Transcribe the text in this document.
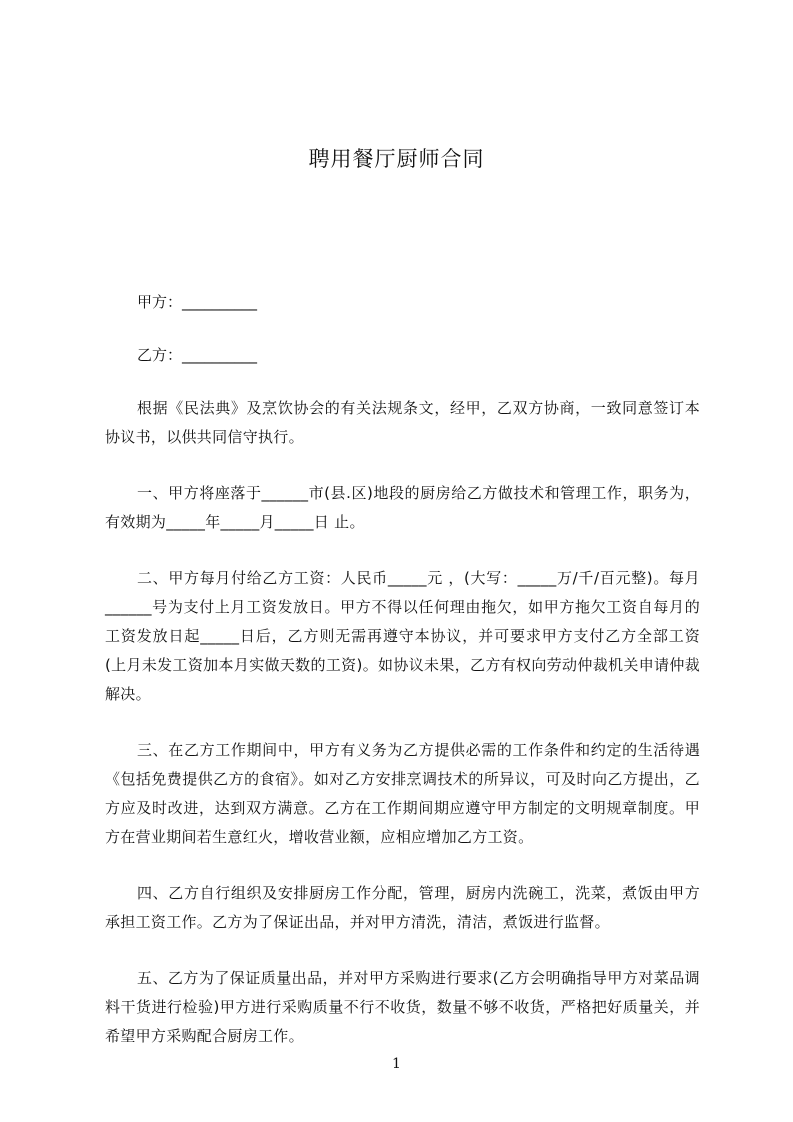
聘用餐厅厨师合同

甲方：__________

乙方：__________

根据《民法典》及烹饮协会的有关法规条文，经甲，乙双方协商，一致同意签订本协议书，以供共同信守执行。

一、甲方将座落于______市(县.区)地段的厨房给乙方做技术和管理工作，职务为，有效期为_____年_____月_____日 止。

二、甲方每月付给乙方工资：人民币_____元 ，(大写：_____万/千/百元整)。每月______号为支付上月工资发放日。甲方不得以任何理由拖欠，如甲方拖欠工资自每月的工资发放日起_____日后，乙方则无需再遵守本协议，并可要求甲方支付乙方全部工资(上月未发工资加本月实做天数的工资)。如协议未果，乙方有权向劳动仲裁机关申请仲裁解决。

三、在乙方工作期间中，甲方有义务为乙方提供必需的工作条件和约定的生活待遇《包括免费提供乙方的食宿》。如对乙方安排烹调技术的所异议，可及时向乙方提出，乙方应及时改进，达到双方满意。乙方在工作期间期应遵守甲方制定的文明规章制度。甲方在营业期间若生意红火，增收营业额，应相应增加乙方工资。

四、乙方自行组织及安排厨房工作分配，管理，厨房内洗碗工，洗菜，煮饭由甲方承担工资工作。乙方为了保证出品，并对甲方清洗，清洁，煮饭进行监督。

五、乙方为了保证质量出品，并对甲方采购进行要求(乙方会明确指导甲方对菜品调料干货进行检验)甲方进行采购质量不行不收货，数量不够不收货，严格把好质量关，并希望甲方采购配合厨房工作。

1
